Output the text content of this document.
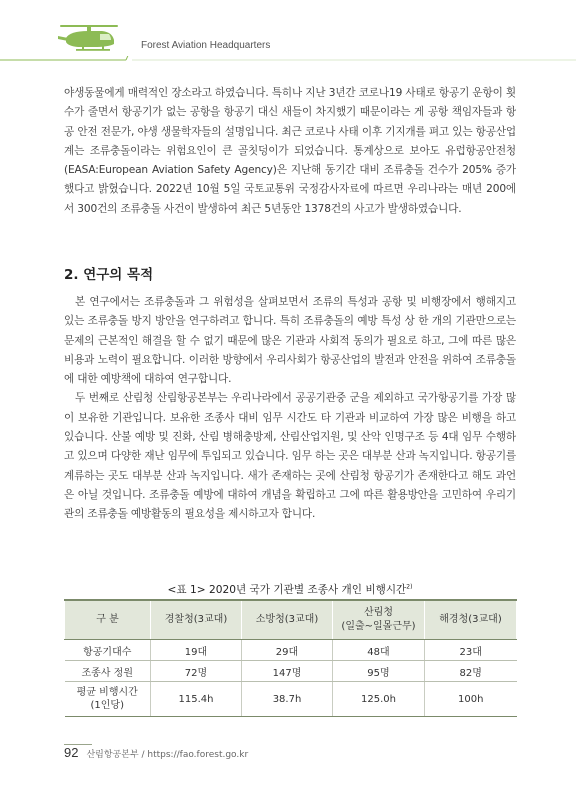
Forest Aviation Headquarters

야생동물에게 매력적인 장소라고 하였습니다. 특히나 지난 3년간 코로나19 사태로 항공기 운항이 횟수가 줄면서 항공기가 없는 공항을 항공기 대신 새들이 차지했기 때문이라는 게 공항 책임자들과 항공 안전 전문가, 야생 생물학자들의 설명입니다. 최근 코로나 사태 이후 기지개를 펴고 있는 항공산업계는 조류충돌이라는 위험요인이 큰 골칫덩이가 되었습니다. 통계상으로 보아도 유럽항공안전청(EASA:European Aviation Safety Agency)은 지난해 동기간 대비 조류충돌 건수가 205% 증가했다고 밝혔습니다. 2022년 10월 5일 국토교통위 국정감사자료에 따르면 우리나라는 매년 200에서 300건의 조류충돌 사건이 발생하여 최근 5년동안 1378건의 사고가 발생하였습니다.

2. 연구의 목적

본 연구에서는 조류충돌과 그 위험성을 살펴보면서 조류의 특성과 공항 및 비행장에서 행해지고 있는 조류충돌 방지 방안을 연구하려고 합니다. 특히 조류충돌의 예방 특성 상 한 개의 기관만으로는 문제의 근본적인 해결을 할 수 없기 때문에 많은 기관과 사회적 동의가 필요로 하고, 그에 따른 많은 비용과 노력이 필요합니다. 이러한 방향에서 우리사회가 항공산업의 발전과 안전을 위하여 조류충돌에 대한 예방책에 대하여 연구합니다.

두 번째로 산림청 산림항공본부는 우리나라에서 공공기관중 군을 제외하고 국가항공기를 가장 많이 보유한 기관입니다. 보유한 조종사 대비 임무 시간도 타 기관과 비교하여 가장 많은 비행을 하고 있습니다. 산불 예방 및 진화, 산림 병해충방제, 산림산업지원, 및 산악 인명구조 등 4대 임무 수행하고 있으며 다양한 재난 임무에 투입되고 있습니다. 임무 하는 곳은 대부분 산과 녹지입니다. 항공기를 계류하는 곳도 대부분 산과 녹지입니다. 새가 존재하는 곳에 산림청 항공기가 존재한다고 해도 과언은 아닐 것입니다. 조류충돌 예방에 대하여 개념을 확립하고 그에 따른 활용방안을 고민하여 우리기관의 조류충돌 예방활동의 필요성을 제시하고자 합니다.

<표 1> 2020년 국가 기관별 조종사 개인 비행시간$^{2)}$
구 분	경찰청(3교대)	소방청(3교대)	산림청
(일출~일몰근무)	해경청(3교대)
항공기대수	19대	29대	48대	23대
조종사 정원	72명	147명	95명	82명
평균 비행시간
(1인당)	115.4h	38.7h	125.0h	100h
92 산림항공본부 / https://fao.forest.go.kr
